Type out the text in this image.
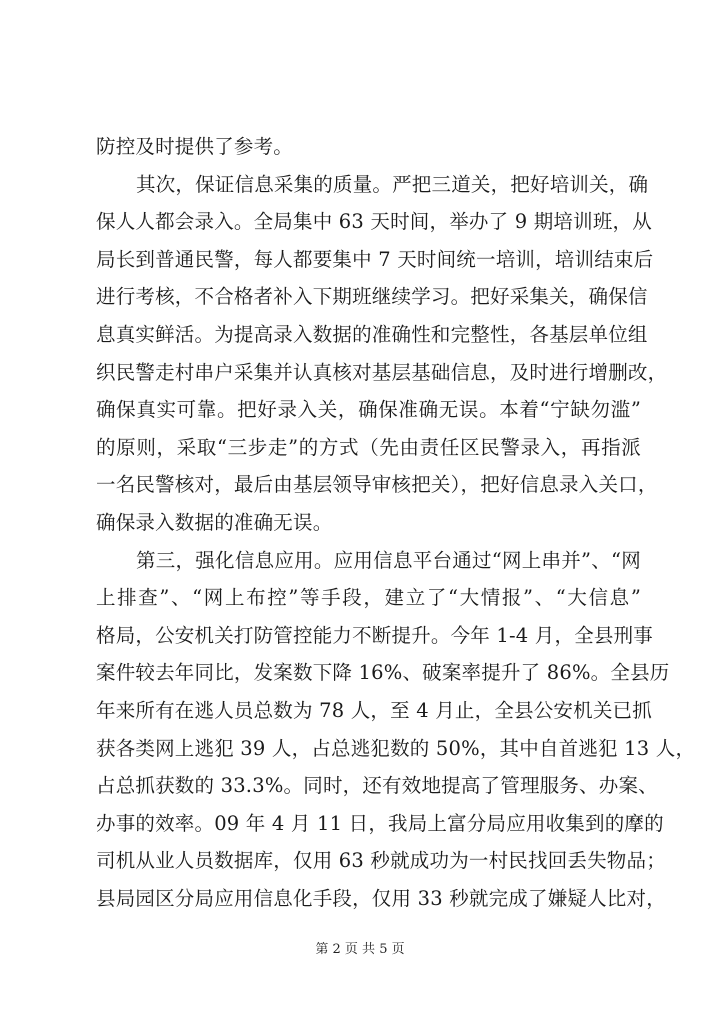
防控及时提供了参考。
其次，保证信息采集的质量。严把三道关，把好培训关，确
保人人都会录入。全局集中 63 天时间，举办了 9 期培训班，从
局长到普通民警，每人都要集中 7 天时间统一培训，培训结束后
进行考核，不合格者补入下期班继续学习。把好采集关，确保信
息真实鲜活。为提高录入数据的准确性和完整性，各基层单位组
织民警走村串户采集并认真核对基层基础信息，及时进行增删改，
确保真实可靠。把好录入关，确保准确无误。本着“宁缺勿滥”
的原则，采取“三步走”的方式（先由责任区民警录入，再指派
一名民警核对，最后由基层领导审核把关），把好信息录入关口，
确保录入数据的准确无误。
第三，强化信息应用。应用信息平台通过“网上串并”、“网
上排查”、“网上布控”等手段，建立了“大情报”、“大信息”
格局，公安机关打防管控能力不断提升。今年 1-4 月，全县刑事
案件较去年同比，发案数下降 16%、破案率提升了 86%。全县历
年来所有在逃人员总数为 78 人，至 4 月止，全县公安机关已抓
获各类网上逃犯 39 人，占总逃犯数的 50%，其中自首逃犯 13 人，
占总抓获数的 33.3%。同时，还有效地提高了管理服务、办案、
办事的效率。09 年 4 月 11 日，我局上富分局应用收集到的摩的
司机从业人员数据库，仅用 63 秒就成功为一村民找回丢失物品；
县局园区分局应用信息化手段，仅用 33 秒就完成了嫌疑人比对，
第 2 页 共 5 页
